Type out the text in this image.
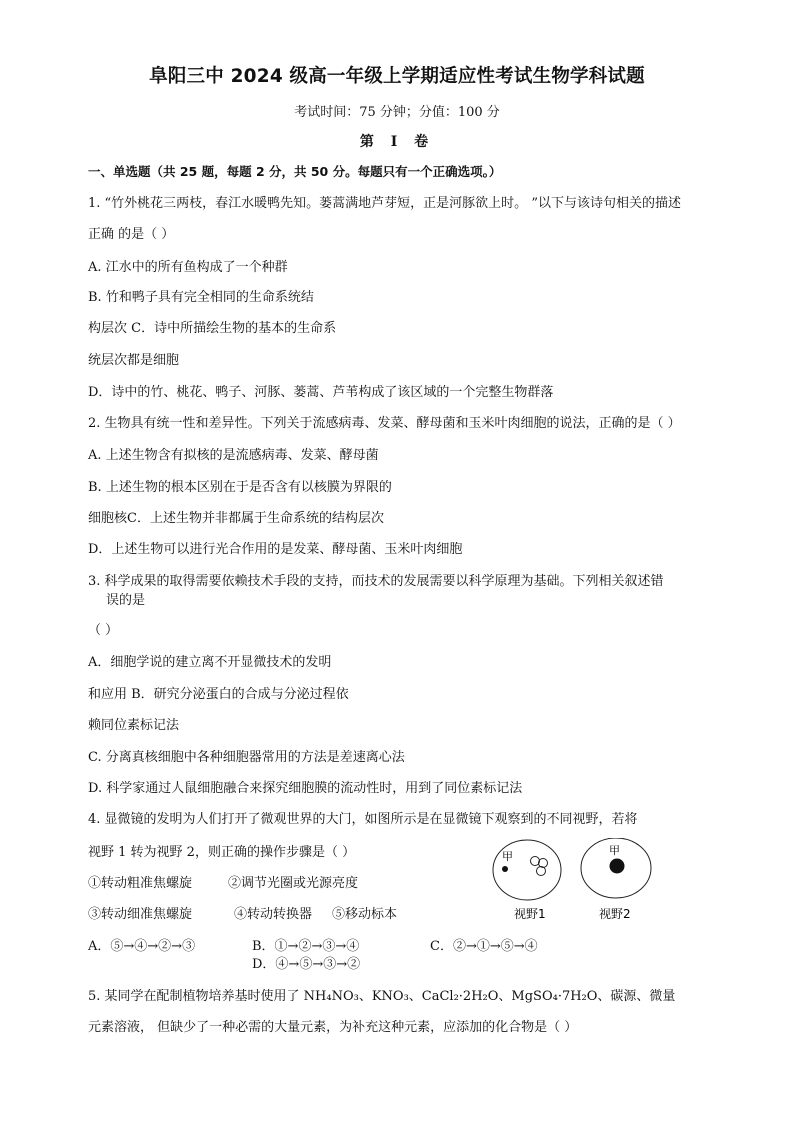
阜阳三中 2024 级高一年级上学期适应性考试生物学科试题
考试时间：75 分钟；分值：100 分
第 I 卷
一、单选题（共 25 题，每题 2 分，共 50 分。每题只有一个正确选项。）
1. “竹外桃花三两枝，春江水暖鸭先知。蒌蒿满地芦芽短，正是河豚欲上时。 ”以下与该诗句相关的描述
正确 的是（ ）
A. 江水中的所有鱼构成了一个种群
B. 竹和鸭子具有完全相同的生命系统结
构层次 C．诗中所描绘生物的基本的生命系
统层次都是细胞
D．诗中的竹、桃花、鸭子、河豚、蒌蒿、芦苇构成了该区域的一个完整生物群落
2. 生物具有统一性和差异性。下列关于流感病毒、发菜、酵母菌和玉米叶肉细胞的说法，正确的是（ ）
A. 上述生物含有拟核的是流感病毒、发菜、酵母菌
B. 上述生物的根本区别在于是否含有以核膜为界限的
细胞核C．上述生物并非都属于生命系统的结构层次
D．上述生物可以进行光合作用的是发菜、酵母菌、玉米叶肉细胞
3. 科学成果的取得需要依赖技术手段的支持，而技术的发展需要以科学原理为基础。下列相关叙述错
误的是
（ ）
A．细胞学说的建立离不开显微技术的发明
和应用 B．研究分泌蛋白的合成与分泌过程依
赖同位素标记法
C. 分离真核细胞中各种细胞器常用的方法是差速离心法
D. 科学家通过人鼠细胞融合来探究细胞膜的流动性时，用到了同位素标记法
4. 显微镜的发明为人们打开了微观世界的大门，如图所示是在显微镜下观察到的不同视野，若将
视野 1 转为视野 2，则正确的操作步骤是（ ）
①转动粗准焦螺旋	②调节光圈或光源亮度
③转动细准焦螺旋	④转动转换器 ⑤移动标本
A．⑤→④→②→③	B．①→②→③→④	C．②→①→⑤→④
D．④→⑤→③→②
甲	甲
视野1	视野2
5. 某同学在配制植物培养基时使用了 NH₄NO₃、KNO₃、CaCl₂·2H₂O、MgSO₄·7H₂O、碳源、微量
元素溶液， 但缺少了一种必需的大量元素，为补充这种元素，应添加的化合物是（ ）
